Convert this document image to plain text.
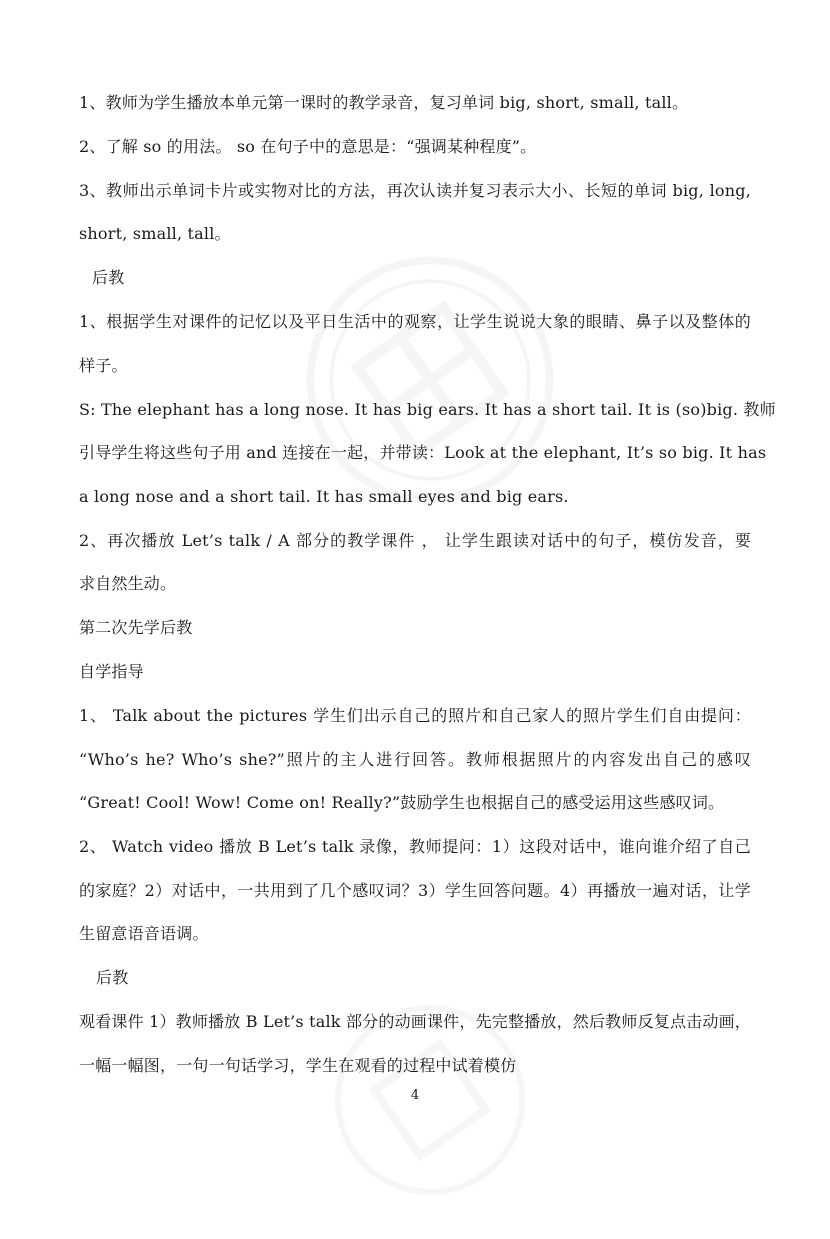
1、教师为学生播放本单元第一课时的教学录音，复习单词 big, short, small, tall。
2、了解 so 的用法。 so 在句子中的意思是：“强调某种程度”。
3、教师出示单词卡片或实物对比的方法，再次认读并复习表示大小、长短的单词 big, long,
short, small, tall。
后教
1、根据学生对课件的记忆以及平日生活中的观察，让学生说说大象的眼睛、鼻子以及整体的
样子。
S: The elephant has a long nose. It has big ears. It has a short tail. It is (so)big. 教师
引导学生将这些句子用 and 连接在一起，并带读：Look at the elephant, It’s so big. It has
a long nose and a short tail. It has small eyes and big ears.
2、再次播放 Let’s talk / A 部分的教学课件 ， 让学生跟读对话中的句子，模仿发音，要
求自然生动。
第二次先学后教
自学指导
1、 Talk about the pictures 学生们出示自己的照片和自己家人的照片学生们自由提问：
“Who’s he? Who’s she?”照片的主人进行回答。教师根据照片的内容发出自己的感叹
“Great! Cool! Wow! Come on! Really?”鼓励学生也根据自己的感受运用这些感叹词。
2、 Watch video 播放 B Let’s talk 录像，教师提问：1）这段对话中，谁向谁介绍了自己
的家庭？2）对话中，一共用到了几个感叹词？3）学生回答问题。4）再播放一遍对话，让学
生留意语音语调。
后教
观看课件 1）教师播放 B Let’s talk 部分的动画课件，先完整播放，然后教师反复点击动画，
一幅一幅图，一句一句话学习，学生在观看的过程中试着模仿
4
